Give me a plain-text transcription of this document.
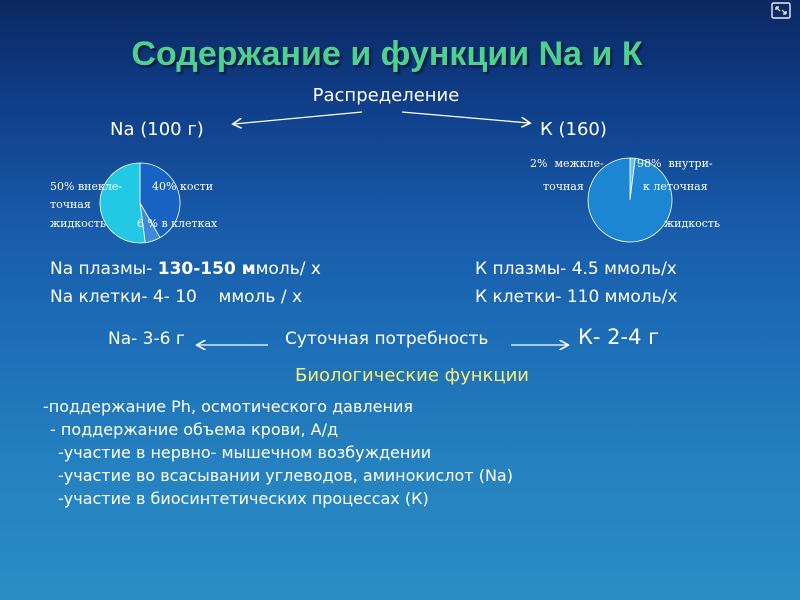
Содержание и функции Na и К
Распределение
Na (100 г)	К (160)
50% внекле-
точная
жидкость
40% кости
6 % в клетках
2%  межкле-
точная
98%  внутри-
к леточная
жидкость
Na плазмы- 130-150 ммоль/ х
Na клетки- 4- 10    ммоль / х
К плазмы- 4.5 ммоль/х
К клетки- 110 ммоль/х
Na- 3-6 г	Суточная потребность	К- 2-4 г
Биологические функции
-поддержание Ph, осмотического давления
- поддержание объема крови, А/д
-участие в нервно- мышечном возбуждении
-участие во всасывании углеводов, аминокислот (Na)
-участие в биосинтетических процессах (К)
